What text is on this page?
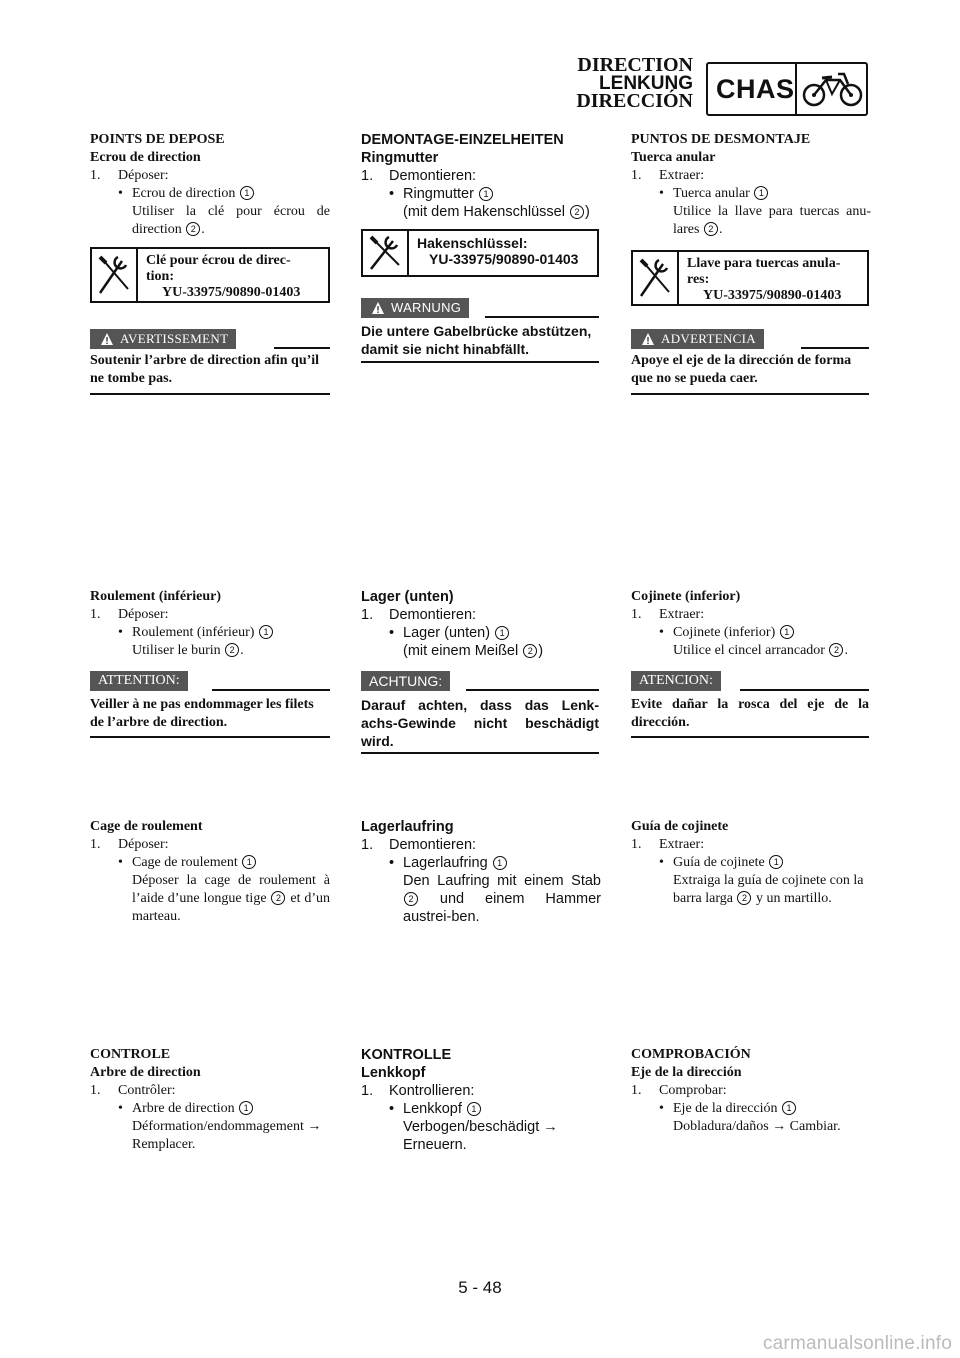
DIRECTION
LENKUNG
DIRECCIÓN CHAS
POINTS DE DEPOSE
Ecrou de direction
1.	Déposer:
• Ecrou de direction 1
Utiliser la clé pour écrou de direction 2 .
Clé pour écrou de direc-
tion:
YU-33975/90890-01403
AVERTISSEMENT
Soutenir l’arbre de direction afin qu’il ne tombe pas.
DEMONTAGE-EINZELHEITEN
Ringmutter
1.	Demontieren:
• Ringmutter 1
(mit dem Hakenschlüssel 2 )
Hakenschlüssel:
YU-33975/90890-01403
WARNUNG
Die untere Gabelbrücke abstützen, damit sie nicht hinabfällt.
PUNTOS DE DESMONTAJE
Tuerca anular
1.	Extraer:
• Tuerca anular 1
Utilice la llave para tuercas anu-lares 2 .
Llave para tuercas anula-
res:
YU-33975/90890-01403
ADVERTENCIA
Apoye el eje de la dirección de forma que no se pueda caer.
Roulement (inférieur)
1.	Déposer:
• Roulement (inférieur) 1
Utiliser le burin 2 .
ATTENTION:
Veiller à ne pas endommager les filets de l’arbre de direction.
Lager (unten)
1.	Demontieren:
• Lager (unten) 1
(mit einem Meißel 2 )
ACHTUNG:
Darauf achten, dass das Lenk-achs-Gewinde nicht beschädigt wird.
Cojinete (inferior)
1.	Extraer:
• Cojinete (inferior) 1
Utilice el cincel arrancador 2 .
ATENCION:
Evite dañar la rosca del eje de la dirección.
Cage de roulement
1.	Déposer:
• Cage de roulement 1
Déposer la cage de roulement à l’aide d’une longue tige 2 et d’un marteau.
Lagerlaufring
1.	Demontieren:
• Lagerlaufring 1
Den Laufring mit einem Stab 2 und einem Hammer austrei-ben.
Guía de cojinete
1.	Extraer:
• Guía de cojinete 1
Extraiga la guía de cojinete con la barra larga 2 y un martillo.
CONTROLE
Arbre de direction
1.	Contrôler:
• Arbre de direction 1
Déformation/endommagement → Remplacer.
KONTROLLE
Lenkkopf
1.	Kontrollieren:
• Lenkkopf 1
Verbogen/beschädigt → Erneuern.
COMPROBACIÓN
Eje de la dirección
1.	Comprobar:
• Eje de la dirección 1
Dobladura/daños → Cambiar.
5 - 48
carmanualsonline.info
